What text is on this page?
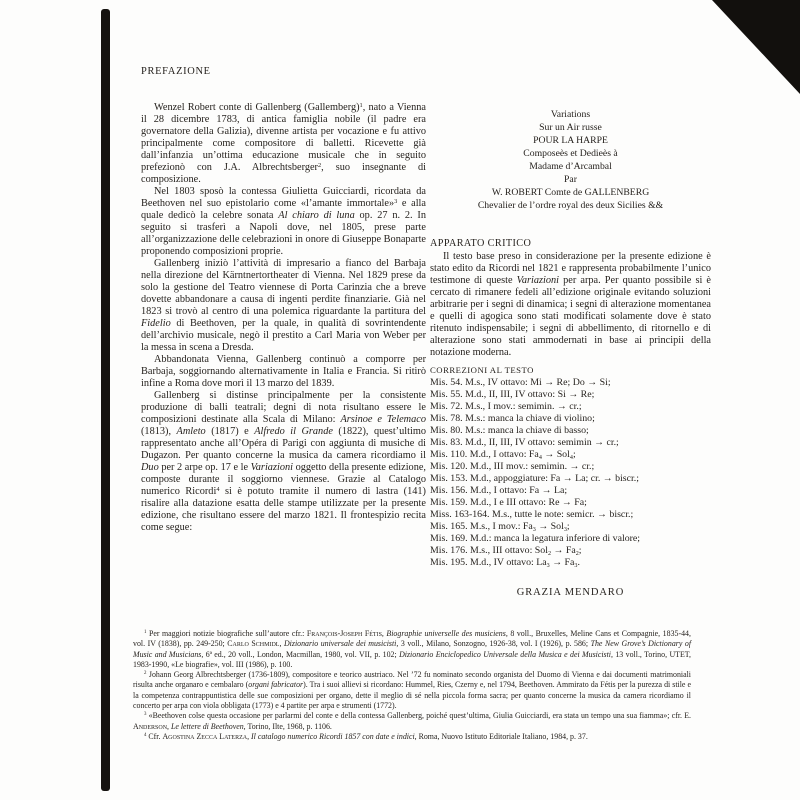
PREFAZIONE

Wenzel Robert conte di Gallenberg (Gallemberg)$^1$, nato a Vienna il 28 dicembre 1783, di antica famiglia nobile (il padre era governatore della Galizia), divenne artista per vocazione e fu attivo principalmente come compositore di balletti. Ricevette già dall’infanzia un’ottima educazione musicale che in seguito prefezionò con J.A. Albrechtsberger$^2$, suo insegnante di composizione.

Nel 1803 sposò la contessa Giulietta Guicciardi, ricordata da Beethoven nel suo epistolario come «l’amante immortale»$^3$ e alla quale dedicò la celebre sonata Al chiaro di luna op. 27 n. 2. In seguito si trasferì a Napoli dove, nel 1805, prese parte all’organizzazione delle celebrazioni in onore di Giuseppe Bonaparte proponendo composizioni proprie.

Gallenberg iniziò l’attività di impresario a fianco del Barbaja nella direzione del Kärntnertortheater di Vienna. Nel 1829 prese da solo la gestione del Teatro viennese di Porta Carinzia che a breve dovette abbandonare a causa di ingenti perdite finanziarie. Già nel 1823 si trovò al centro di una polemica riguardante la partitura del Fidelio di Beethoven, per la quale, in qualità di sovrintendente dell’archivio musicale, negò il prestito a Carl Maria von Weber per la messa in scena a Dresda.

Abbandonata Vienna, Gallenberg continuò a comporre per Barbaja, soggiornando alternativamente in Italia e Francia. Si ritirò infine a Roma dove morì il 13 marzo del 1839.

Gallenberg si distinse principalmente per la consistente produzione di balli teatrali; degni di nota risultano essere le composizioni destinate alla Scala di Milano: Arsinoe e Telemaco (1813), Amleto (1817) e Alfredo il Grande (1822), quest’ultimo rappresentato anche all’Opéra di Parigi con aggiunta di musiche di Dugazon. Per quanto concerne la musica da camera ricordiamo il Duo per 2 arpe op. 17 e le Variazioni oggetto della presente edizione, composte durante il soggiorno viennese. Grazie al Catalogo numerico Ricordi$^4$ si è potuto tramite il numero di lastra (141) risalire alla datazione esatta delle stampe utilizzate per la presente edizione, che risultano essere del marzo 1821. Il frontespizio recita come segue:

Variations
Sur un Air russe
POUR LA HARPE
Composeès et Dedieès à
Madame d’Arcambal
Par
W. ROBERT Comte de GALLENBERG
Chevalier de l’ordre royal des deux Sicilies &&
APPARATO CRITICO

Il testo base preso in considerazione per la presente edizione è stato edito da Ricordi nel 1821 e rappresenta probabilmente l’unico testimone di queste Variazioni per arpa. Per quanto possibile si è cercato di rimanere fedeli all’edizione originale evitando soluzioni arbitrarie per i segni di dinamica; i segni di alterazione momentanea e quelli di agogica sono stati modificati solamente dove è stato ritenuto indispensabile; i segni di abbellimento, di ritornello e di alterazione sono stati ammodernati in base ai principii della notazione moderna.

CORREZIONI AL TESTO
Mis. 54. M.s., IV ottavo: Mi → Re; Do → Si;
Mis. 55. M.d., II, III, IV ottavo: Si → Re;
Mis. 72. M.s., I mov.: semimin. → cr.;
Mis. 78. M.s.: manca la chiave di violino;
Mis. 80. M.s.: manca la chiave di basso;
Mis. 83. M.d., II, III, IV ottavo: semimin → cr.;
Mis. 110. M.d., I ottavo: $Fa_4 \to Sol_4$;
Mis. 120. M.d., III mov.: semimin. → cr.;
Mis. 153. M.d., appoggiature: Fa → La; cr. → biscr.;
Mis. 156. M.d., I ottavo: Fa → La;
Mis. 159. M.d., I e III ottavo: Re → Fa;
Miss. 163-164. M.s., tutte le note: semicr. → biscr.;
Mis. 165. M.s., I mov.: $Fa_3 \to Sol_3$;
Mis. 169. M.d.: manca la legatura inferiore di valore;
Mis. 176. M.s., III ottavo: $Sol_2 \to Fa_2$;
Mis. 195. M.d., IV ottavo: $La_3 \to Fa_3$.
GRAZIA MENDARO

$^1$ Per maggiori notizie biografiche sull’autore cfr.: François-Joseph Fétis, Biographie universelle des musiciens, 8 voll., Bruxelles, Meline Cans et Compagnie, 1835-44, vol. IV (1838), pp. 249-250; Carlo Schmidl, Dizionario universale dei musicisti, 3 voll., Milano, Sonzogno, 1926-38, vol. I (1926), p. 586; The New Grove’s Dictionary of Music and Musicians, 6ª ed., 20 voll., London, Macmillan, 1980, vol. VII, p. 102; Dizionario Enciclopedico Universale della Musica e dei Musicisti, 13 voll., Torino, UTET, 1983-1990, «Le biografie», vol. III (1986), p. 100.

$^2$ Johann Georg Albrechtsberger (1736-1809), compositore e teorico austriaco. Nel ’72 fu nominato secondo organista del Duomo di Vienna e dai documenti matrimoniali risulta anche organaro e cembalaro (organi fabricator). Tra i suoi allievi si ricordano: Hummel, Ries, Czerny e, nel 1794, Beethoven. Ammirato da Fétis per la purezza di stile e la competenza contrappuntistica delle sue composizioni per organo, dette il meglio di sé nella piccola forma sacra; per quanto concerne la musica da camera ricordiamo il concerto per arpa con viola obbligata (1773) e 4 partite per arpa e strumenti (1772).

$^3$ «Beethoven colse questa occasione per parlarmi del conte e della contessa Gallenberg, poiché quest’ultima, Giulia Guicciardi, era stata un tempo una sua fiamma»; cfr. E. Anderson, Le lettere di Beethoven, Torino, Ilte, 1968, p. 1106.

$^4$ Cfr. Agostina Zecca Laterza, Il catalogo numerico Ricordi 1857 con date e indici, Roma, Nuovo Istituto Editoriale Italiano, 1984, p. 37.
